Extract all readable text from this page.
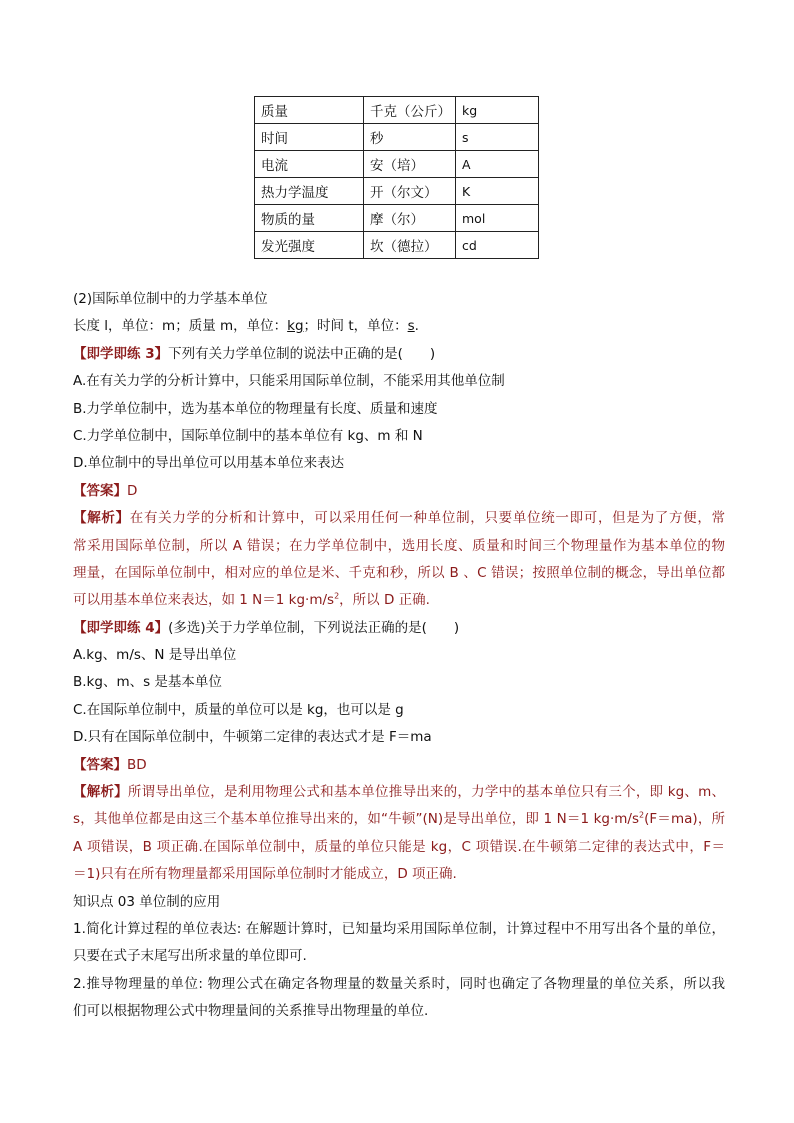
质量	千克（公斤）	kg
时间	秒	s
电流	安（培）	A
热力学温度	开（尔文）	K
物质的量	摩（尔）	mol
发光强度	坎（德拉）	cd
(2)国际单位制中的力学基本单位
长度 l，单位：m；质量 m，单位：kg；时间 t，单位：s.
【即学即练 3】下列有关力学单位制的说法中正确的是(　　)
A.在有关力学的分析计算中，只能采用国际单位制，不能采用其他单位制
B.力学单位制中，选为基本单位的物理量有长度、质量和速度
C.力学单位制中，国际单位制中的基本单位有 kg、m 和 N
D.单位制中的导出单位可以用基本单位来表达
【答案】D
【解析】在有关力学的分析和计算中，可以采用任何一种单位制，只要单位统一即可，但是为了方便，常
常采用国际单位制，所以 A 错误；在力学单位制中，选用长度、质量和时间三个物理量作为基本单位的物
理量，在国际单位制中，相对应的单位是米、千克和秒，所以 B 、C 错误；按照单位制的概念，导出单位都
可以用基本单位来表达，如 1 N＝1 $kg\cdot m/s^2$，所以 D 正确.
【即学即练 4】(多选)关于力学单位制，下列说法正确的是(　　)
A.kg、m/s、N 是导出单位
B.kg、m、s 是基本单位
C.在国际单位制中，质量的单位可以是 kg，也可以是 g
D.只有在国际单位制中，牛顿第二定律的表达式才是 F＝ma
【答案】BD
【解析】所谓导出单位，是利用物理公式和基本单位推导出来的，力学中的基本单位只有三个，即 kg、m、
s，其他单位都是由这三个基本单位推导出来的，如“牛顿”(N)是导出单位，即 1 N＝1 $kg\cdot m/s^2(F=ma)$，所
A 项错误，B 项正确.在国际单位制中，质量的单位只能是 kg，C 项错误.在牛顿第二定律的表达式中，F＝
＝1)只有在所有物理量都采用国际单位制时才能成立，D 项正确.
知识点 03 单位制的应用
1.简化计算过程的单位表达: 在解题计算时，已知量均采用国际单位制，计算过程中不用写出各个量的单位，
只要在式子末尾写出所求量的单位即可.
2.推导物理量的单位: 物理公式在确定各物理量的数量关系时，同时也确定了各物理量的单位关系，所以我
们可以根据物理公式中物理量间的关系推导出物理量的单位.
